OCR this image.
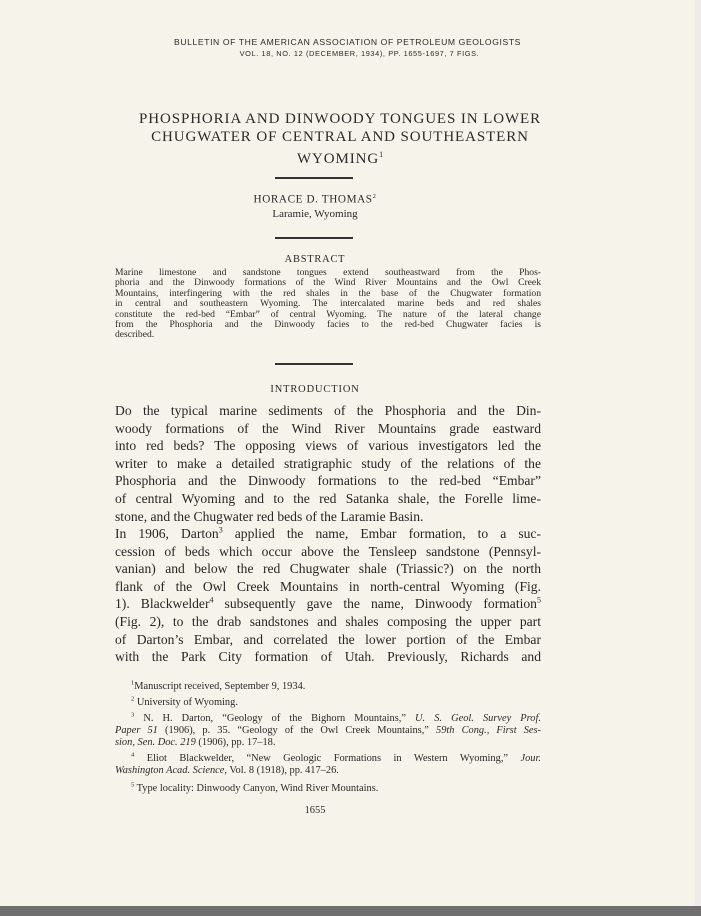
BULLETIN OF THE AMERICAN ASSOCIATION OF PETROLEUM GEOLOGISTS
VOL. 18, NO. 12 (DECEMBER, 1934), PP. 1655-1697, 7 FIGS.
PHOSPHORIA AND DINWOODY TONGUES IN LOWER
CHUGWATER OF CENTRAL AND SOUTHEASTERN
WYOMING$^1$
HORACE D. THOMAS$^2$
Laramie, Wyoming
ABSTRACT
Marine limestone and sandstone tongues extend southeastward from the Phos-
phoria and the Dinwoody formations of the Wind River Mountains and the Owl Creek
Mountains, interfingering with the red shales in the base of the Chugwater formation
in central and southeastern Wyoming. The intercalated marine beds and red shales
constitute the red-bed “Embar” of central Wyoming. The nature of the lateral change
from the Phosphoria and the Dinwoody facies to the red-bed Chugwater facies is
described.
INTRODUCTION
Do the typical marine sediments of the Phosphoria and the Din-
woody formations of the Wind River Mountains grade eastward
into red beds? The opposing views of various investigators led the
writer to make a detailed stratigraphic study of the relations of the
Phosphoria and the Dinwoody formations to the red-bed “Embar”
of central Wyoming and to the red Satanka shale, the Forelle lime-
stone, and the Chugwater red beds of the Laramie Basin.
In 1906, Darton$^3$ applied the name, Embar formation, to a suc-
cession of beds which occur above the Tensleep sandstone (Pennsyl-
vanian) and below the red Chugwater shale (Triassic?) on the north
flank of the Owl Creek Mountains in north-central Wyoming (Fig.
1). Blackwelder$^4$ subsequently gave the name, Dinwoody formation$^5$
(Fig. 2), to the drab sandstones and shales composing the upper part
of Darton’s Embar, and correlated the lower portion of the Embar
with the Park City formation of Utah. Previously, Richards and
$^1$Manuscript received, September 9, 1934.
$^2$ University of Wyoming.
$^3$ N. H. Darton, “Geology of the Bighorn Mountains,” U. S. Geol. Survey Prof.
Paper 51 (1906), p. 35. “Geology of the Owl Creek Mountains,” 59th Cong., First Ses-
sion, Sen. Doc. 219 (1906), pp. 17–18.
$^4$ Eliot Blackwelder, “New Geologic Formations in Western Wyoming,” Jour.
Washington Acad. Science, Vol. 8 (1918), pp. 417–26.
$^5$ Type locality: Dinwoody Canyon, Wind River Mountains.
1655
